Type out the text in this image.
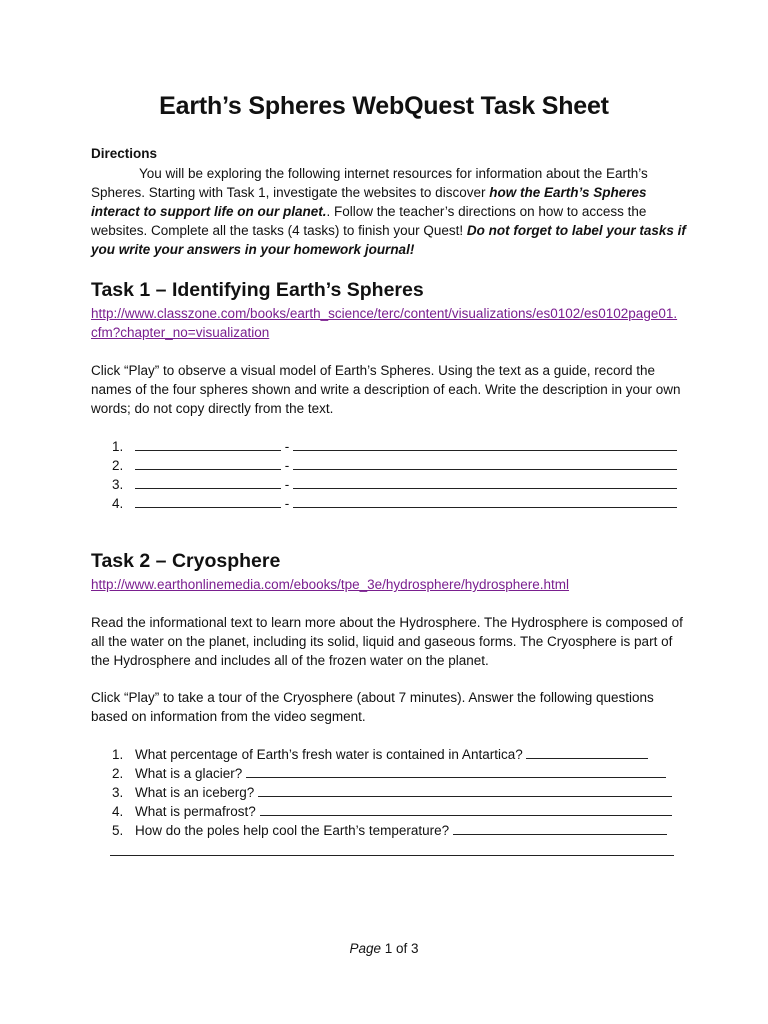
Earth’s Spheres WebQuest Task Sheet
Directions
You will be exploring the following internet resources for information about the Earth’s Spheres. Starting with Task 1, investigate the websites to discover how the Earth’s Spheres interact to support life on our planet.. Follow the teacher’s directions on how to access the websites. Complete all the tasks (4 tasks) to finish your Quest! Do not forget to label your tasks if you write your answers in your homework journal!
Task 1 – Identifying Earth’s Spheres
http://www.classzone.com/books/earth_science/terc/content/visualizations/es0102/es0102page01.cfm?chapter_no=visualization
Click “Play” to observe a visual model of Earth’s Spheres. Using the text as a guide, record the names of the four spheres shown and write a description of each. Write the description in your own words; do not copy directly from the text.
1.	-
2.	-
3.	-
4.	-
Task 2 – Cryosphere
http://www.earthonlinemedia.com/ebooks/tpe_3e/hydrosphere/hydrosphere.html
Read the informational text to learn more about the Hydrosphere. The Hydrosphere is composed of all the water on the planet, including its solid, liquid and gaseous forms. The Cryosphere is part of the Hydrosphere and includes all of the frozen water on the planet.
Click “Play” to take a tour of the Cryosphere (about 7 minutes). Answer the following questions based on information from the video segment.
1. What percentage of Earth’s fresh water is contained in Antartica?
2. What is a glacier?
3. What is an iceberg?
4. What is permafrost?
5. How do the poles help cool the Earth’s temperature?
Page 1 of 3
